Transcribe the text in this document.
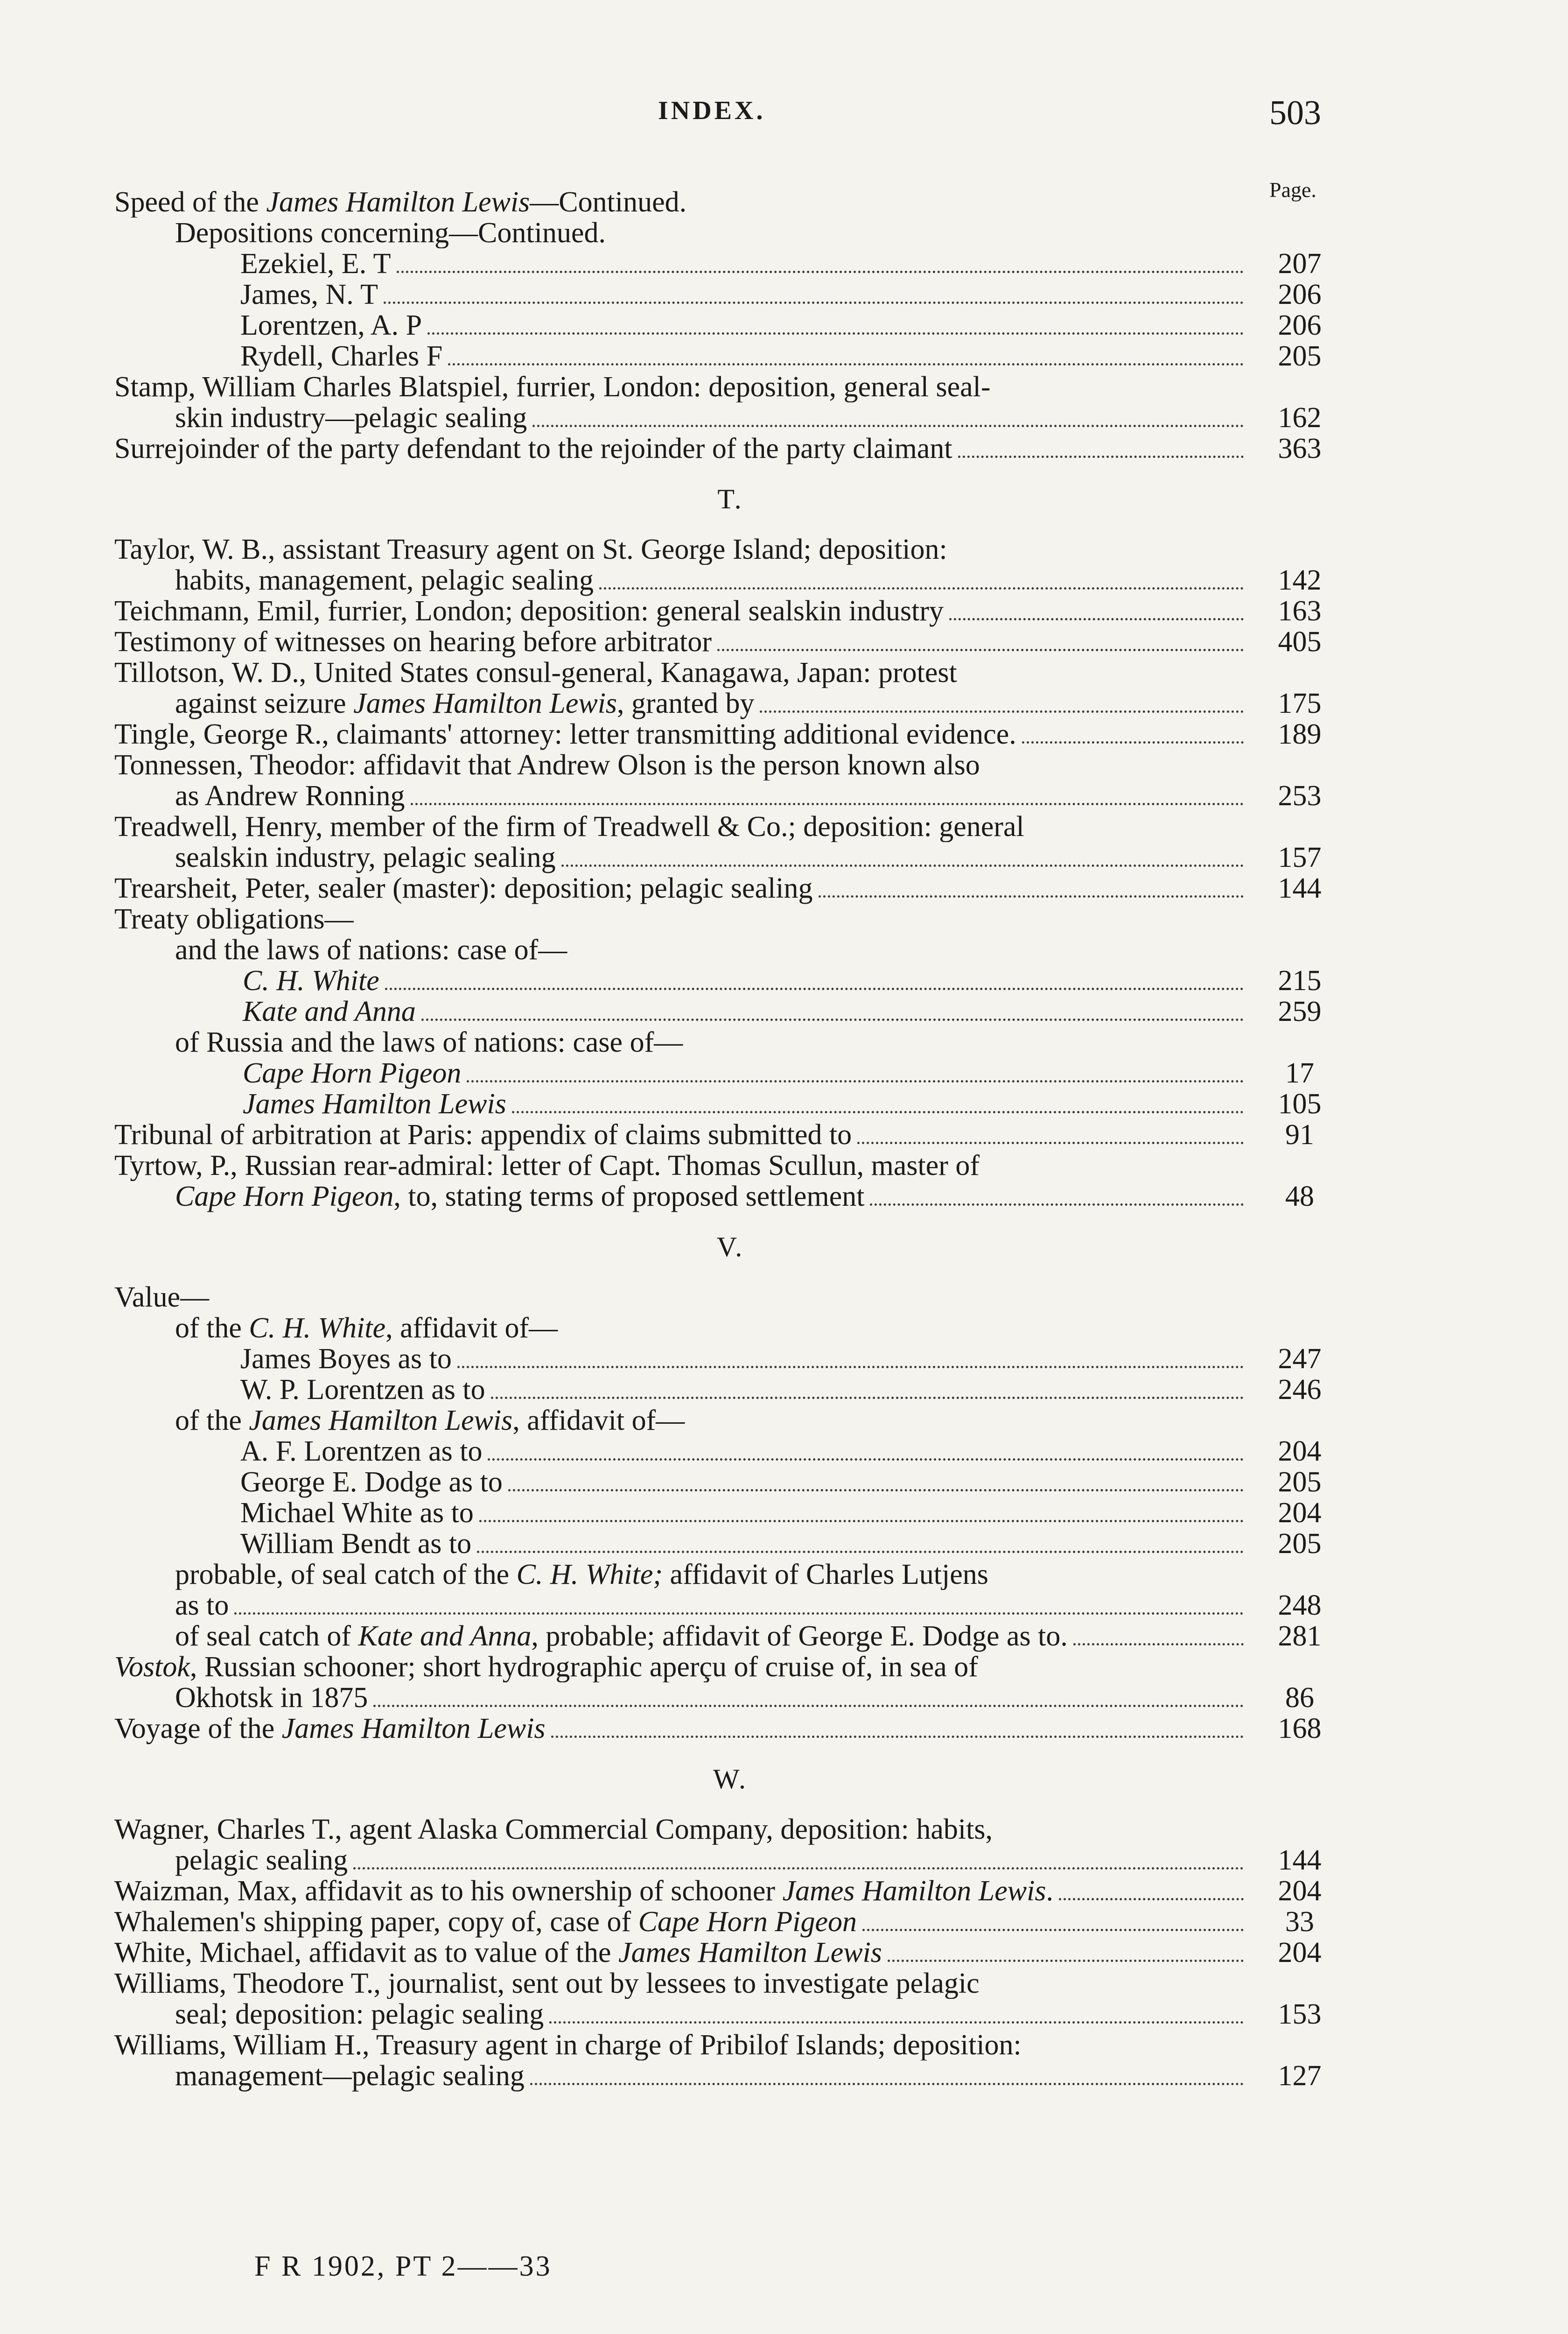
INDEX.	503
Page.
Speed of the James Hamilton Lewis —Continued.
Depositions concerning—Continued.
Ezekiel, E. T	207
James, N. T	206
Lorentzen, A. P	206
Rydell, Charles F	205
Stamp, William Charles Blatspiel, furrier, London: deposition, general seal-
skin industry—pelagic sealing	162
Surrejoinder of the party defendant to the rejoinder of the party claimant	363
T.
Taylor, W. B., assistant Treasury agent on St. George Island; deposition:
habits, management, pelagic sealing	142
Teichmann, Emil, furrier, London; deposition: general sealskin industry	163
Testimony of witnesses on hearing before arbitrator	405
Tillotson, W. D., United States consul-general, Kanagawa, Japan: protest
against seizure James Hamilton Lewis , granted by	175
Tingle, George R., claimants' attorney: letter transmitting additional evidence.	189
Tonnessen, Theodor: affidavit that Andrew Olson is the person known also
as Andrew Ronning	253
Treadwell, Henry, member of the firm of Treadwell & Co.; deposition: general
sealskin industry, pelagic sealing	157
Trearsheit, Peter, sealer (master): deposition; pelagic sealing	144
Treaty obligations—
and the laws of nations: case of—
C. H. White	215
Kate and Anna	259
of Russia and the laws of nations: case of—
Cape Horn Pigeon	17
James Hamilton Lewis	105
Tribunal of arbitration at Paris: appendix of claims submitted to	91
Tyrtow, P., Russian rear-admiral: letter of Capt. Thomas Scullun, master of
Cape Horn Pigeon , to, stating terms of proposed settlement	48
V.
Value—
of the C. H. White , affidavit of—
James Boyes as to	247
W. P. Lorentzen as to	246
of the James Hamilton Lewis , affidavit of—
A. F. Lorentzen as to	204
George E. Dodge as to	205
Michael White as to	204
William Bendt as to	205
probable, of seal catch of the C. H. White; affidavit of Charles Lutjens
as to	248
of seal catch of Kate and Anna , probable; affidavit of George E. Dodge as to.	281
Vostok , Russian schooner; short hydrographic aperçu of cruise of, in sea of
Okhotsk in 1875	86
Voyage of the James Hamilton Lewis	168
W.
Wagner, Charles T., agent Alaska Commercial Company, deposition: habits,
pelagic sealing	144
Waizman, Max, affidavit as to his ownership of schooner James Hamilton Lewis .	204
Whalemen's shipping paper, copy of, case of Cape Horn Pigeon	33
White, Michael, affidavit as to value of the James Hamilton Lewis	204
Williams, Theodore T., journalist, sent out by lessees to investigate pelagic
seal; deposition: pelagic sealing	153
Williams, William H., Treasury agent in charge of Pribilof Islands; deposition:
management—pelagic sealing	127
F R 1902, PT 2——33
